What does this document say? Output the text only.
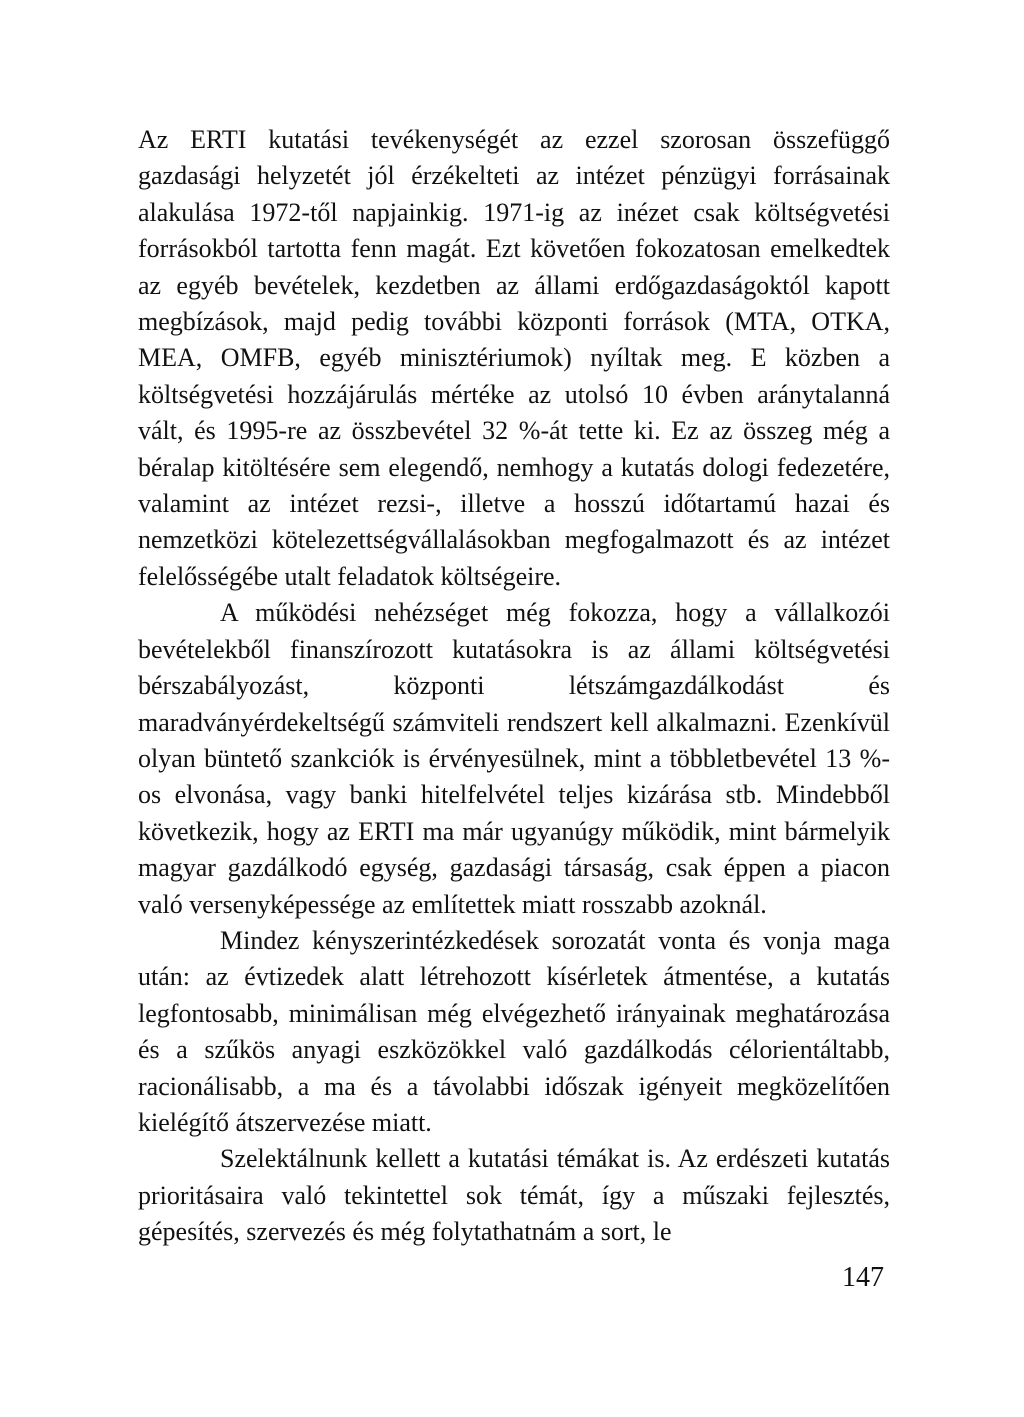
Az ERTI kutatási tevékenységét az ezzel szorosan összefüggő gazdasági helyzetét jól érzékelteti az intézet pénzügyi forrásainak alakulása 1972-től napjainkig. 1971-ig az inézet csak költségvetési forrásokból tartotta fenn magát. Ezt követően fokozatosan emelkedtek az egyéb bevételek, kezdetben az állami erdőgazdaságoktól kapott megbízások, majd pedig további központi források (MTA, OTKA, MEA, OMFB, egyéb minisztériumok) nyíltak meg. E közben a költségvetési hozzájárulás mértéke az utolsó 10 évben aránytalanná vált, és 1995-re az összbevétel 32 %-át tette ki. Ez az összeg még a béralap kitöltésére sem elegendő, nemhogy a kutatás dologi fedezetére, valamint az intézet rezsi-, illetve a hosszú időtartamú hazai és nemzetközi kötelezettségvállalásokban megfogalmazott és az intézet felelősségébe utalt feladatok költségeire.

A működési nehézséget még fokozza, hogy a vállalkozói bevételekből finanszírozott kutatásokra is az állami költségvetési bérszabályozást, központi létszámgazdálkodást és maradványérdekeltségű számviteli rendszert kell alkalmazni. Ezenkívül olyan büntető szankciók is érvényesülnek, mint a többletbevétel 13 %-os elvonása, vagy banki hitelfelvétel teljes kizárása stb. Mindebből következik, hogy az ERTI ma már ugyanúgy működik, mint bármelyik magyar gazdálkodó egység, gazdasági társaság, csak éppen a piacon való versenyképessége az említettek miatt rosszabb azoknál.

Mindez kényszerintézkedések sorozatát vonta és vonja maga után: az évtizedek alatt létrehozott kísérletek átmentése, a kutatás legfontosabb, minimálisan még elvégezhető irányainak meghatározása és a szűkös anyagi eszközökkel való gazdálkodás célorientáltabb, racionálisabb, a ma és a távolabbi időszak igényeit megközelítően kielégítő átszervezése miatt.

Szelektálnunk kellett a kutatási témákat is. Az erdészeti kutatás prioritásaira való tekintettel sok témát, így a műszaki fejlesztés, gépesítés, szervezés és még folytathatnám a sort, le

147
